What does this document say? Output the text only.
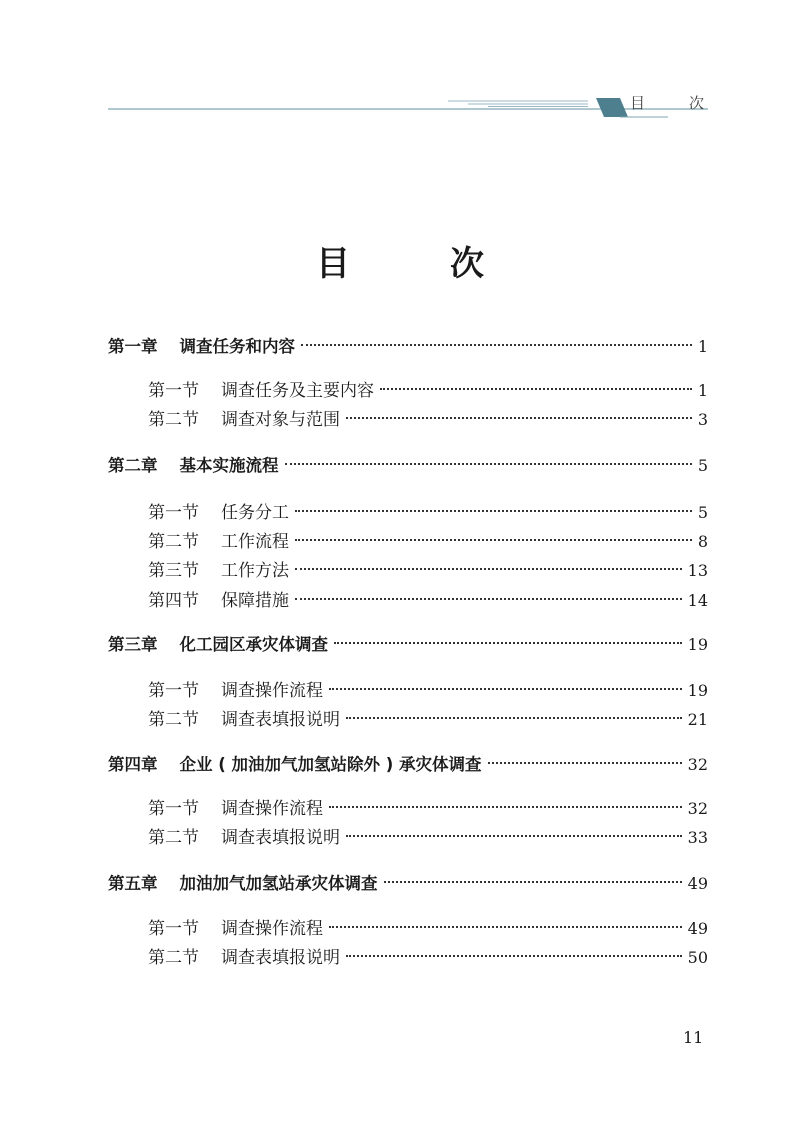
目	次
目	次
第一章 调查任务和内容	1
第一节 调查任务及主要内容	1
第二节 调查对象与范围	3
第二章 基本实施流程	5
第一节 任务分工	5
第二节 工作流程	8
第三节 工作方法	13
第四节 保障措施	14
第三章 化工园区承灾体调查	19
第一节 调查操作流程	19
第二节 调查表填报说明	21
第四章 企业 ( 加油加气加氢站除外 ) 承灾体调查	32
第一节 调查操作流程	32
第二节 调查表填报说明	33
第五章 加油加气加氢站承灾体调查	49
第一节 调查操作流程	49
第二节 调查表填报说明	50
11
